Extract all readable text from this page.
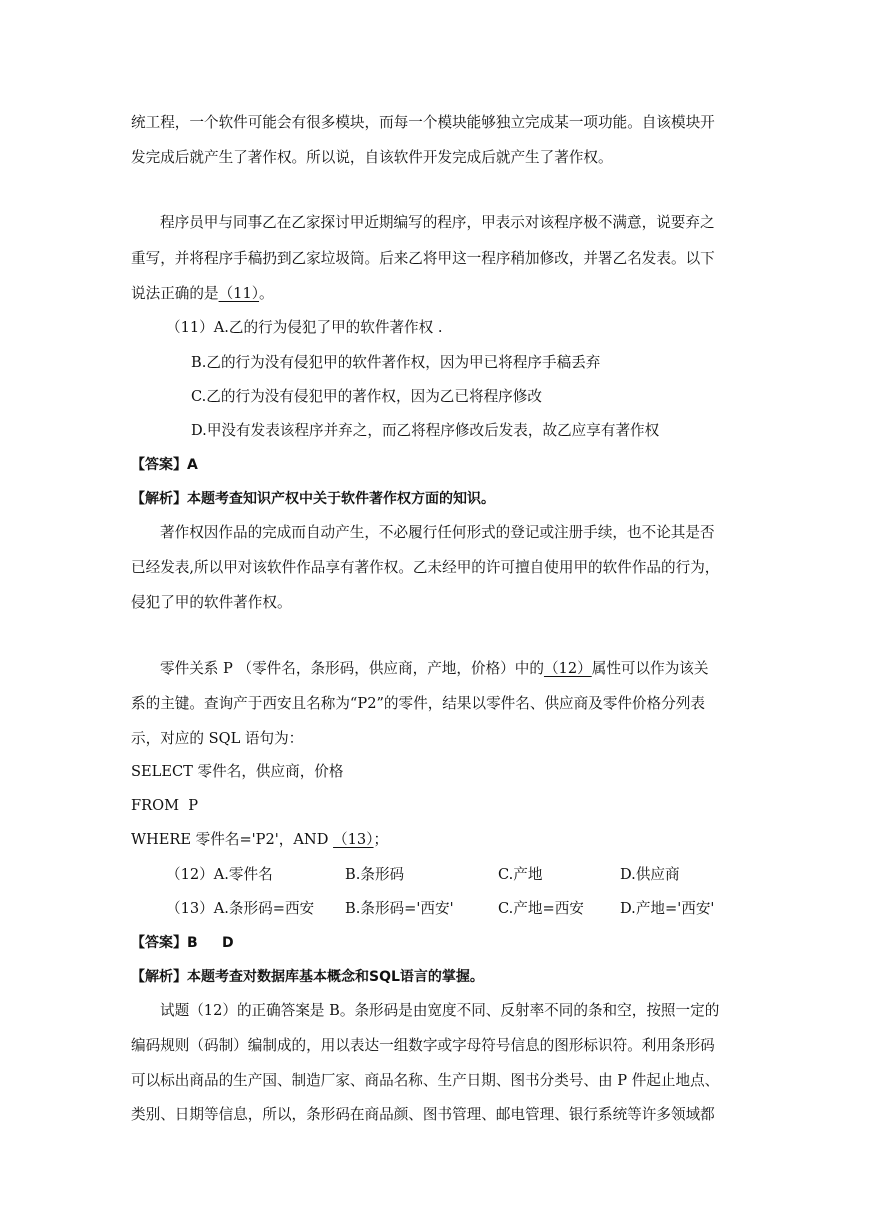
统工程，一个软件可能会有很多模块，而每一个模块能够独立完成某一项功能。自该模块开
发完成后就产生了著作权。所以说，自该软件开发完成后就产生了著作权。
程序员甲与同事乙在乙家探讨甲近期编写的程序，甲表示对该程序极不满意，说要弃之
重写，并将程序手稿扔到乙家垃圾筒。后来乙将甲这一程序稍加修改，并署乙名发表。以下
说法正确的是（11）。
（11）A.乙的行为侵犯了甲的软件著作权 .
B.乙的行为没有侵犯甲的软件著作权，因为甲已将程序手稿丢弃
C.乙的行为没有侵犯甲的著作权，因为乙已将程序修改
D.甲没有发表该程序并弃之，而乙将程序修改后发表，故乙应享有著作权
【答案】A
【解析】本题考查知识产权中关于软件著作权方面的知识。
著作权因作品的完成而自动产生，不必履行任何形式的登记或注册手续，也不论其是否
已经发表,所以甲对该软件作品享有著作权。乙未经甲的许可擅自使用甲的软件作品的行为，
侵犯了甲的软件著作权。
零件关系 P （零件名，条形码，供应商，产地，价格）中的（12）属性可以作为该关
系的主键。查询产于西安且名称为“P2”的零件，结果以零件名、供应商及零件价格分列表
示，对应的 SQL 语句为：
SELECT 零件名，供应商，价格
FROM  P
WHERE 零件名='P2'，AND （13）；
（12）A.零件名	B.条形码	C.产地	D.供应商
（13）A.条形码=西安 B.条形码='西安'	C.产地=西安 D.产地='西安'
【答案】B     D
【解析】本题考查对数据库基本概念和SQL语言的掌握。
试题（12）的正确答案是 B。条形码是由宽度不同、反射率不同的条和空，按照一定的
编码规则（码制）编制成的，用以表达一组数字或字母符号信息的图形标识符。利用条形码
可以标出商品的生产国、制造厂家、商品名称、生产日期、图书分类号、由 P 件起止地点、
类别、日期等信息，所以，条形码在商品颜、图书管理、邮电管理、银行系统等许多领域都
